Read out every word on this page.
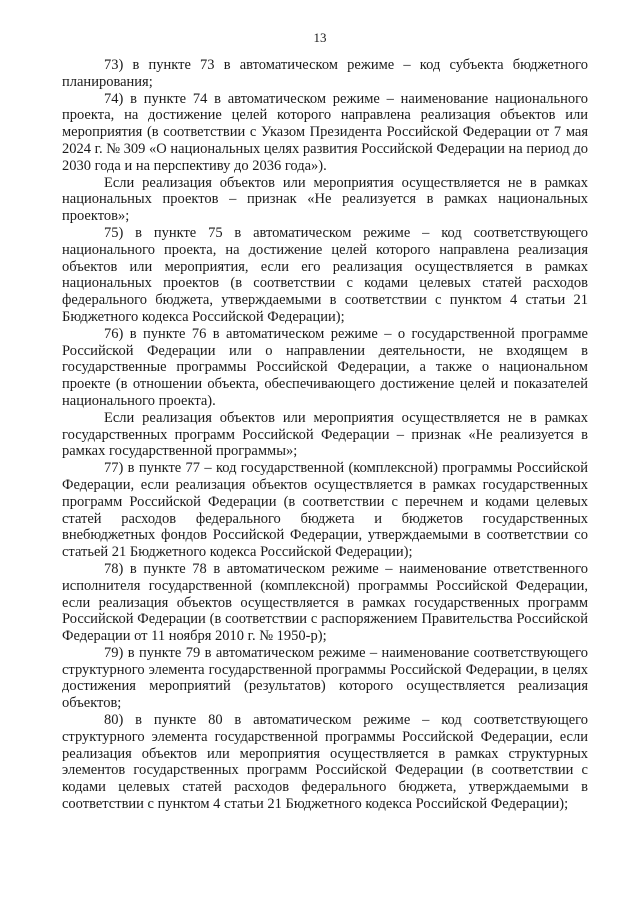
13

73) в пункте 73 в автоматическом режиме – код субъекта бюджетного планирования;

74) в пункте 74 в автоматическом режиме – наименование национального проекта, на достижение целей которого направлена реализация объектов или мероприятия (в соответствии с Указом Президента Российской Федерации от 7 мая 2024 г. № 309 «О национальных целях развития Российской Федерации на период до 2030 года и на перспективу до 2036 года»).

Если реализация объектов или мероприятия осуществляется не в рамках национальных проектов – признак «Не реализуется в рамках национальных проектов»;

75) в пункте 75 в автоматическом режиме – код соответствующего национального проекта, на достижение целей которого направлена реализация объектов или мероприятия, если его реализация осуществляется в рамках национальных проектов (в соответствии с кодами целевых статей расходов федерального бюджета, утверждаемыми в соответствии с пунктом 4 статьи 21 Бюджетного кодекса Российской Федерации);

76) в пункте 76 в автоматическом режиме – о государственной программе Российской Федерации или о направлении деятельности, не входящем в государственные программы Российской Федерации, а также о национальном проекте (в отношении объекта, обеспечивающего достижение целей и показателей национального проекта).

Если реализация объектов или мероприятия осуществляется не в рамках государственных программ Российской Федерации – признак «Не реализуется в рамках государственной программы»;

77) в пункте 77 – код государственной (комплексной) программы Российской Федерации, если реализация объектов осуществляется в рамках государственных программ Российской Федерации (в соответствии с перечнем и кодами целевых статей расходов федерального бюджета и бюджетов государственных внебюджетных фондов Российской Федерации, утверждаемыми в соответствии со статьей 21 Бюджетного кодекса Российской Федерации);

78) в пункте 78 в автоматическом режиме – наименование ответственного исполнителя государственной (комплексной) программы Российской Федерации, если реализация объектов осуществляется в рамках государственных программ Российской Федерации (в соответствии с распоряжением Правительства Российской Федерации от 11 ноября 2010 г. № 1950-р);

79) в пункте 79 в автоматическом режиме – наименование соответствующего структурного элемента государственной программы Российской Федерации, в целях достижения мероприятий (результатов) которого осуществляется реализация объектов;

80) в пункте 80 в автоматическом режиме – код соответствующего структурного элемента государственной программы Российской Федерации, если реализация объектов или мероприятия осуществляется в рамках структурных элементов государственных программ Российской Федерации (в соответствии с кодами целевых статей расходов федерального бюджета, утверждаемыми в соответствии с пунктом 4 статьи 21 Бюджетного кодекса Российской Федерации);
